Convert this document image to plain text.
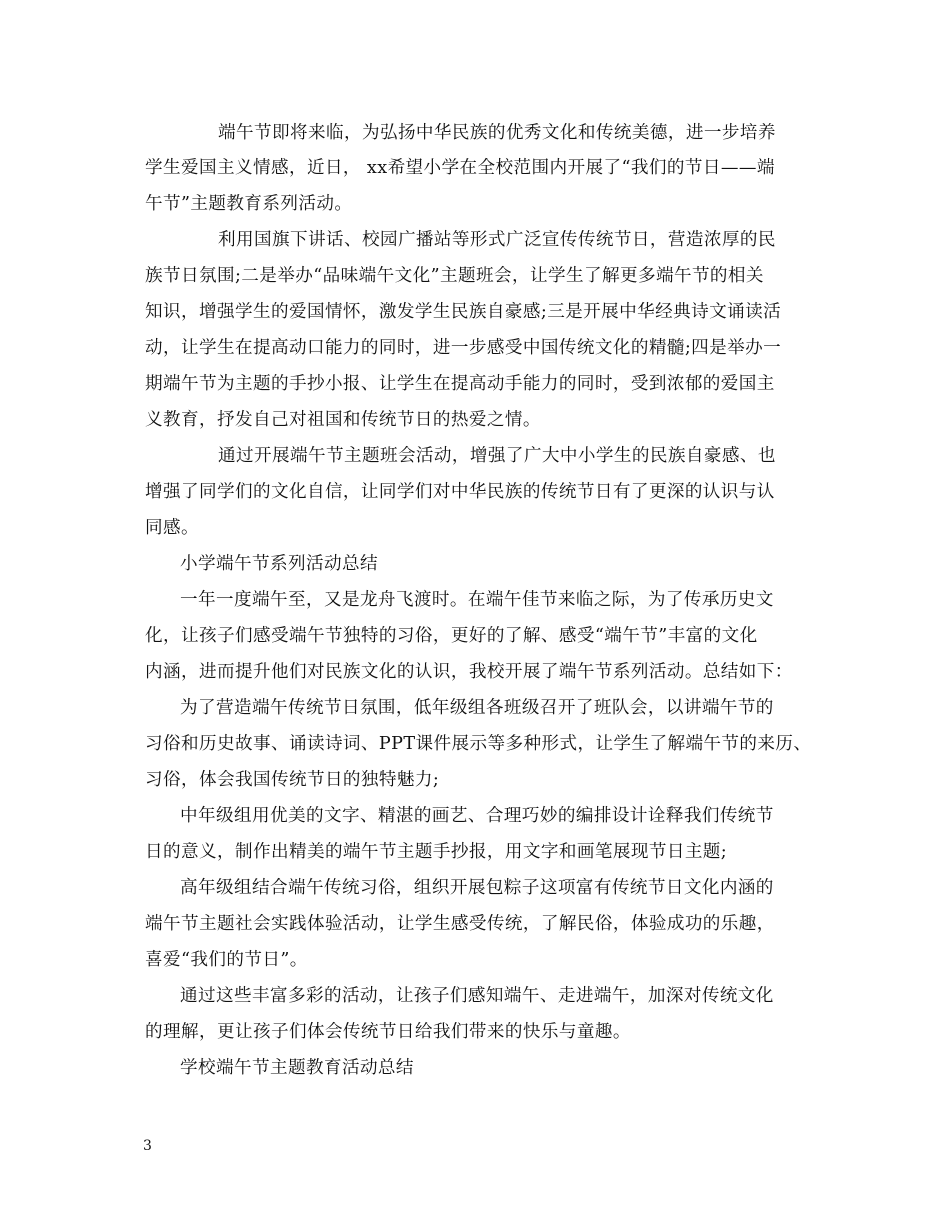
端午节即将来临，为弘扬中华民族的优秀文化和传统美德，进一步培养
学生爱国主义情感，近日， xx希望小学在全校范围内开展了“我们的节日——端
午节”主题教育系列活动。
利用国旗下讲话、校园广播站等形式广泛宣传传统节日，营造浓厚的民
族节日氛围;二是举办“品味端午文化”主题班会，让学生了解更多端午节的相关
知识，增强学生的爱国情怀，激发学生民族自豪感;三是开展中华经典诗文诵读活
动，让学生在提高动口能力的同时，进一步感受中国传统文化的精髓;四是举办一
期端午节为主题的手抄小报、让学生在提高动手能力的同时，受到浓郁的爱国主
义教育，抒发自己对祖国和传统节日的热爱之情。
通过开展端午节主题班会活动，增强了广大中小学生的民族自豪感、也
增强了同学们的文化自信，让同学们对中华民族的传统节日有了更深的认识与认
同感。
小学端午节系列活动总结
一年一度端午至，又是龙舟飞渡时。在端午佳节来临之际，为了传承历史文
化，让孩子们感受端午节独特的习俗，更好的了解、感受“端午节”丰富的文化
内涵，进而提升他们对民族文化的认识，我校开展了端午节系列活动。总结如下：
为了营造端午传统节日氛围，低年级组各班级召开了班队会，以讲端午节的
习俗和历史故事、诵读诗词、PPT课件展示等多种形式，让学生了解端午节的来历、
习俗，体会我国传统节日的独特魅力;
中年级组用优美的文字、精湛的画艺、合理巧妙的编排设计诠释我们传统节
日的意义，制作出精美的端午节主题手抄报，用文字和画笔展现节日主题;
高年级组结合端午传统习俗，组织开展包粽子这项富有传统节日文化内涵的
端午节主题社会实践体验活动，让学生感受传统，了解民俗，体验成功的乐趣，
喜爱“我们的节日”。
通过这些丰富多彩的活动，让孩子们感知端午、走进端午，加深对传统文化
的理解，更让孩子们体会传统节日给我们带来的快乐与童趣。
学校端午节主题教育活动总结
3
